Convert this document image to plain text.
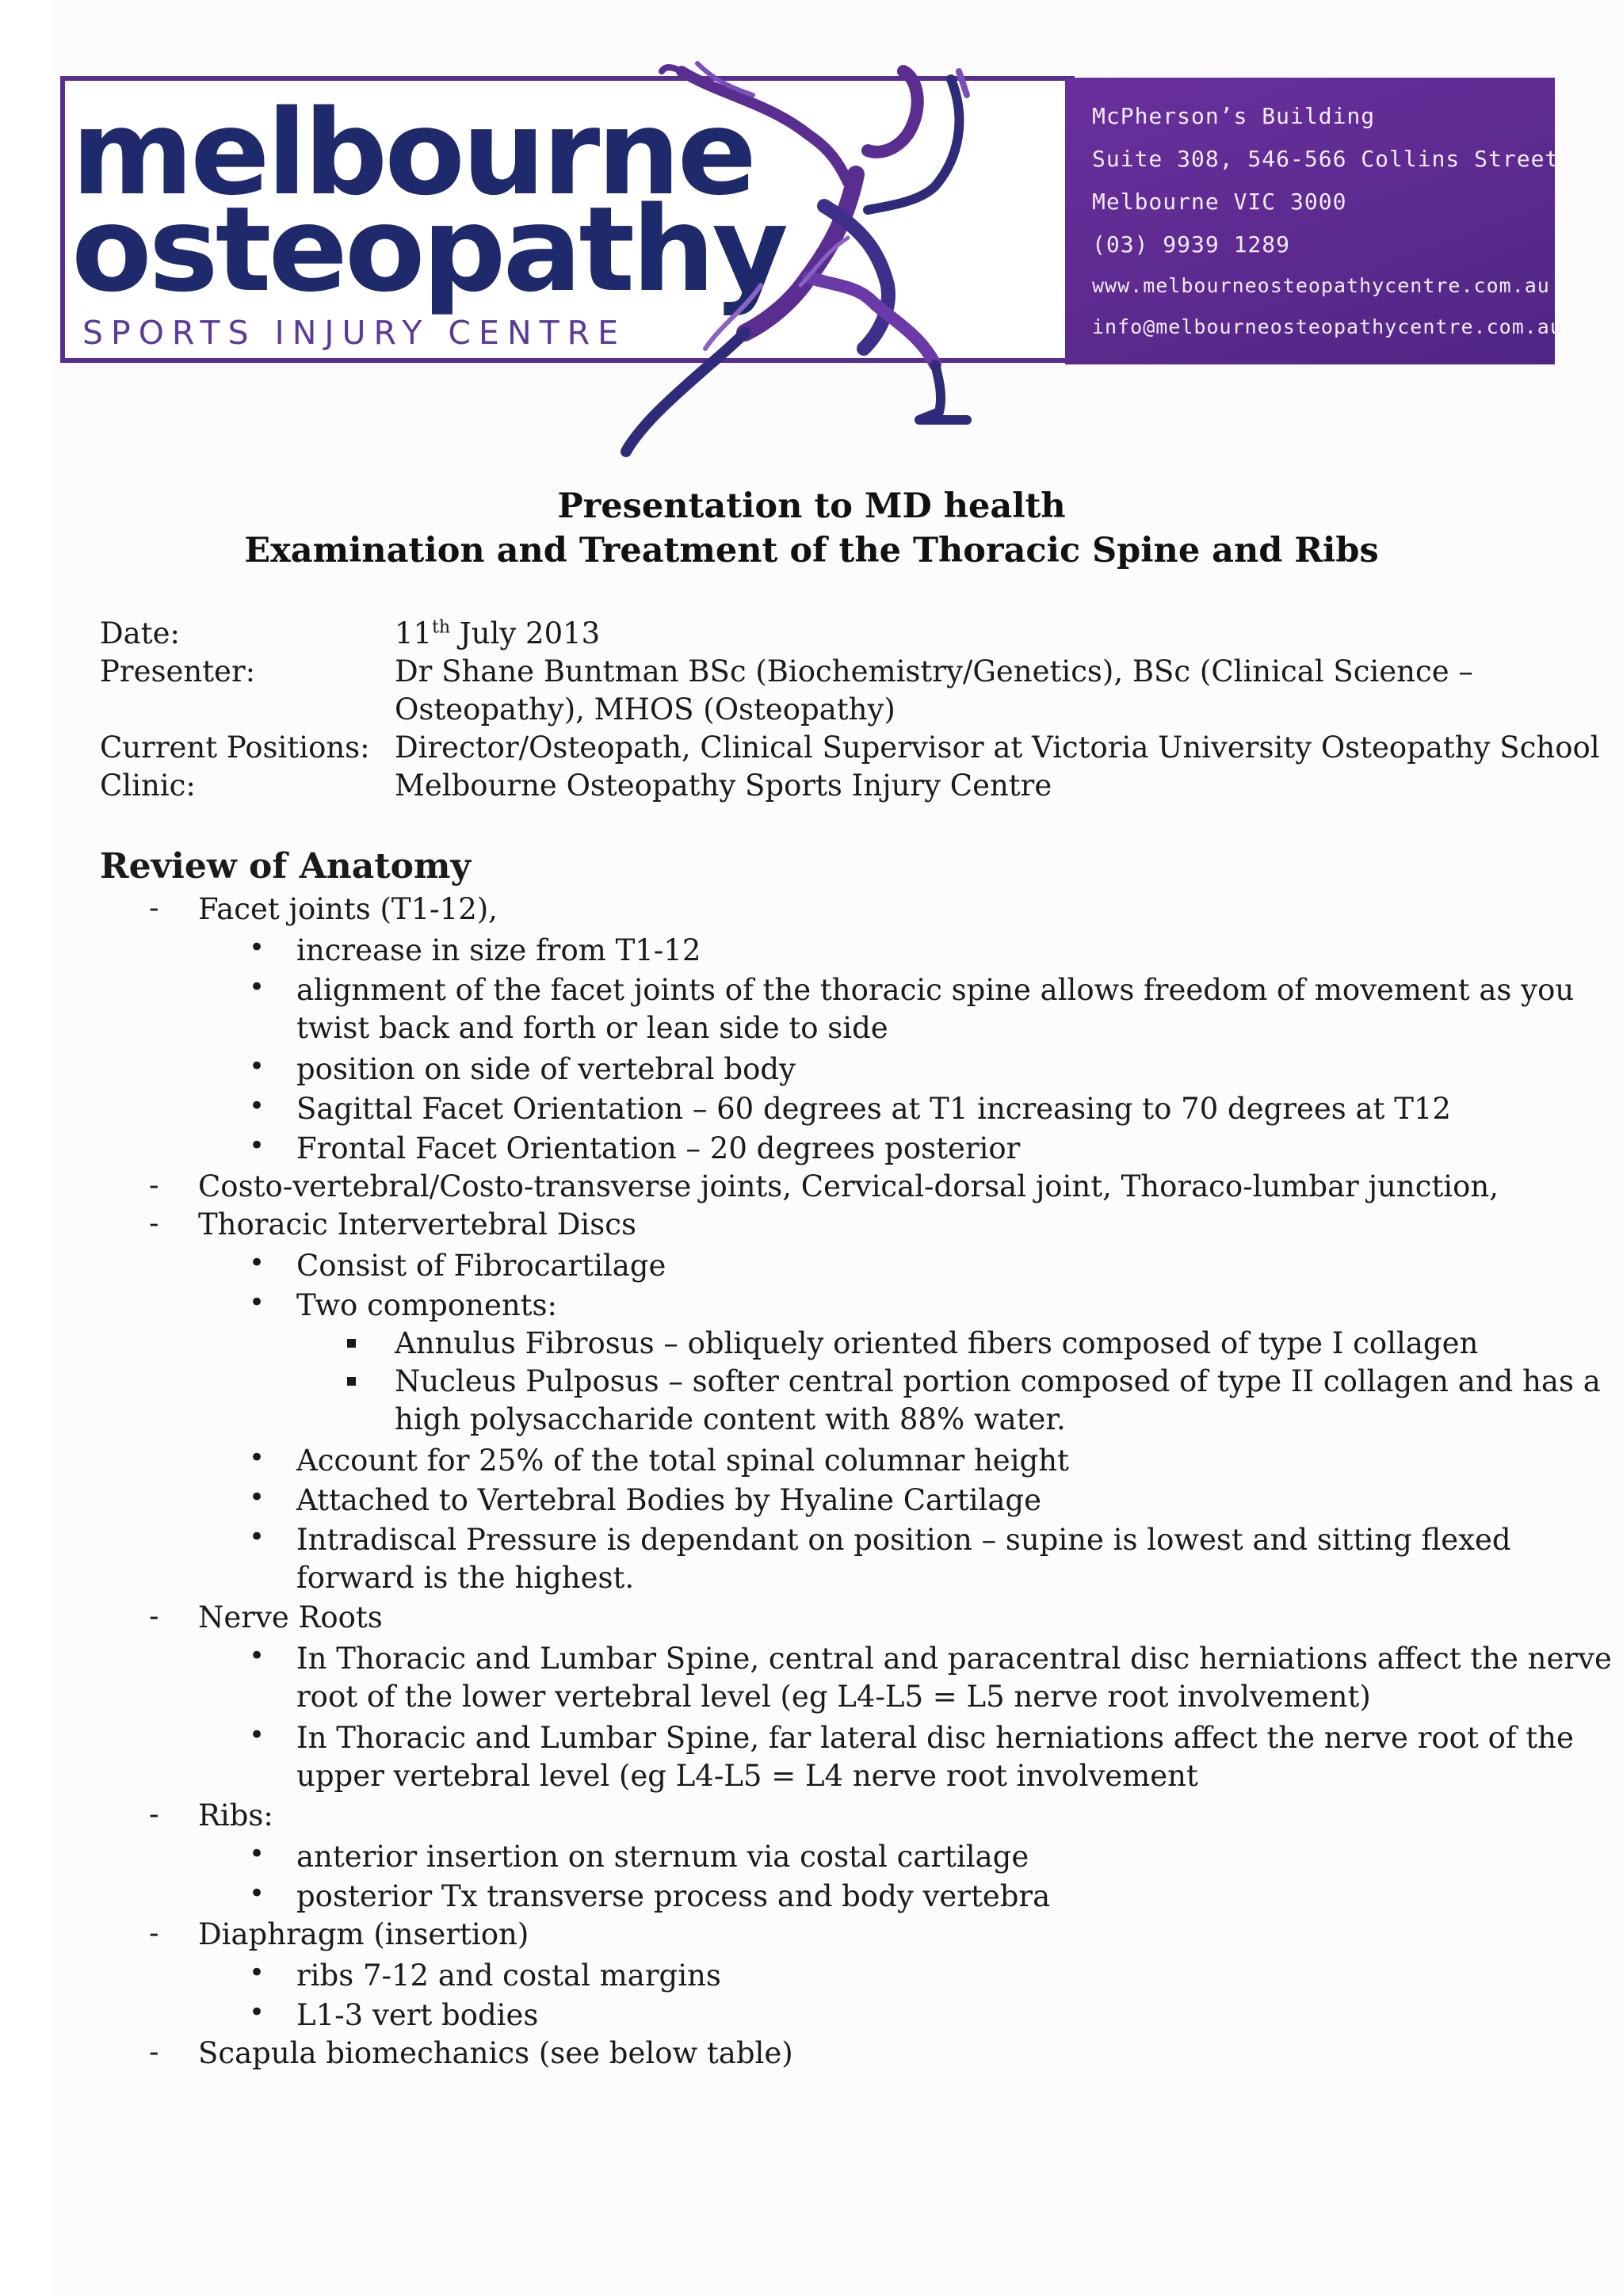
melbourne
osteopathy
SPORTS INJURY CENTRE
McPherson’s Building
Suite 308, 546-566 Collins Street
Melbourne VIC 3000
(03) 9939 1289
www.melbourneosteopathycentre.com.au
info@melbourneosteopathycentre.com.au
Presentation to MD health
Examination and Treatment of the Thoracic Spine and Ribs
Date:	11th July 2013
Presenter:	Dr Shane Buntman BSc (Biochemistry/Genetics), BSc (Clinical Science –
Osteopathy), MHOS (Osteopathy)
Current Positions: Director/Osteopath, Clinical Supervisor at Victoria University Osteopathy School
Clinic:	Melbourne Osteopathy Sports Injury Centre
Review of Anatomy
- Facet joints (T1-12),
• increase in size from T1-12
• alignment of the facet joints of the thoracic spine allows freedom of movement as you
twist back and forth or lean side to side
• position on side of vertebral body
• Sagittal Facet Orientation – 60 degrees at T1 increasing to 70 degrees at T12
• Frontal Facet Orientation – 20 degrees posterior
- Costo-vertebral/Costo-transverse joints, Cervical-dorsal joint, Thoraco-lumbar junction,
- Thoracic Intervertebral Discs
• Consist of Fibrocartilage
• Two components:
Annulus Fibrosus – obliquely oriented fibers composed of type I collagen
Nucleus Pulposus – softer central portion composed of type II collagen and has a
high polysaccharide content with 88% water.
• Account for 25% of the total spinal columnar height
• Attached to Vertebral Bodies by Hyaline Cartilage
• Intradiscal Pressure is dependant on position – supine is lowest and sitting flexed
forward is the highest.
- Nerve Roots
• In Thoracic and Lumbar Spine, central and paracentral disc herniations affect the nerve
root of the lower vertebral level (eg L4-L5 = L5 nerve root involvement)
• In Thoracic and Lumbar Spine, far lateral disc herniations affect the nerve root of the
upper vertebral level (eg L4-L5 = L4 nerve root involvement
- Ribs:
• anterior insertion on sternum via costal cartilage
• posterior Tx transverse process and body vertebra
- Diaphragm (insertion)
• ribs 7-12 and costal margins
• L1-3 vert bodies
- Scapula biomechanics (see below table)
